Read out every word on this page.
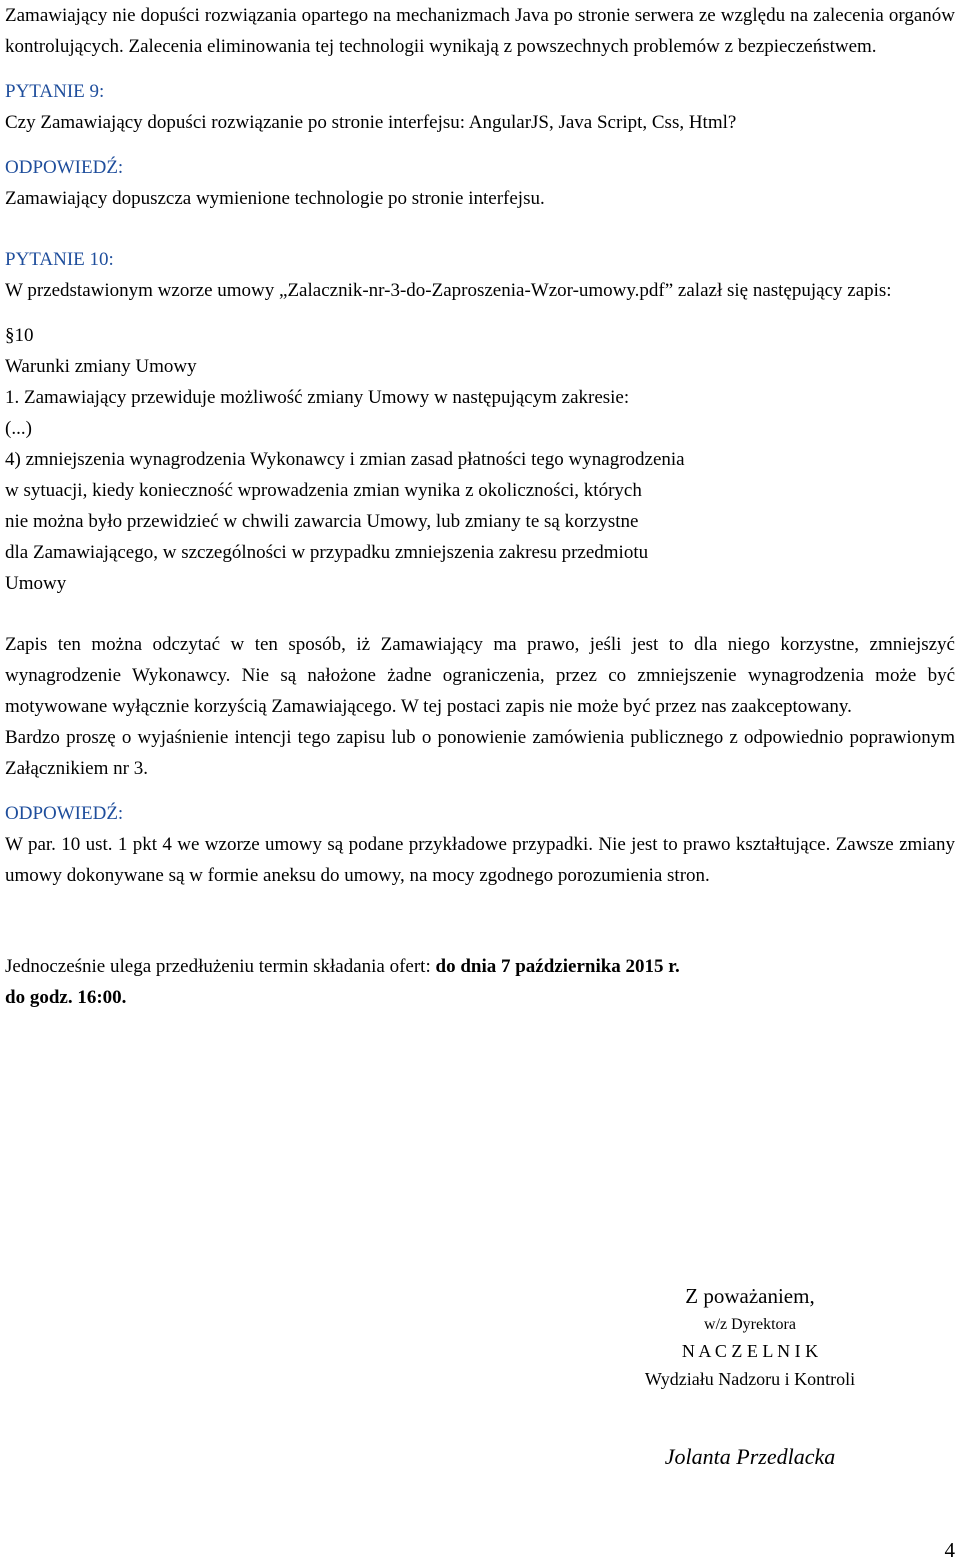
Zamawiający nie dopuści rozwiązania opartego na mechanizmach Java po stronie serwera ze względu na zalecenia organów kontrolujących. Zalecenia eliminowania tej technologii wynikają z powszechnych problemów z bezpieczeństwem.

PYTANIE 9:

Czy Zamawiający dopuści rozwiązanie po stronie interfejsu: AngularJS, Java Script, Css, Html?

ODPOWIEDŹ:

Zamawiający dopuszcza wymienione technologie po stronie interfejsu.

PYTANIE 10:

W przedstawionym wzorze umowy „Zalacznik-nr-3-do-Zaproszenia-Wzor-umowy.pdf” zalazł się następujący zapis:

§10

Warunki zmiany Umowy

1. Zamawiający przewiduje możliwość zmiany Umowy w następującym zakresie:

(...)

4) zmniejszenia wynagrodzenia Wykonawcy i zmian zasad płatności tego wynagrodzenia

w sytuacji, kiedy konieczność wprowadzenia zmian wynika z okoliczności, których

nie można było przewidzieć w chwili zawarcia Umowy, lub zmiany te są korzystne

dla Zamawiającego, w szczególności w przypadku zmniejszenia zakresu przedmiotu

Umowy

Zapis ten można odczytać w ten sposób, iż Zamawiający ma prawo, jeśli jest to dla niego korzystne, zmniejszyć wynagrodzenie Wykonawcy. Nie są nałożone żadne ograniczenia, przez co zmniejszenie wynagrodzenia może być motywowane wyłącznie korzyścią Zamawiającego. W tej postaci zapis nie może być przez nas zaakceptowany.

Bardzo proszę o wyjaśnienie intencji tego zapisu lub o ponowienie zamówienia publicznego z odpowiednio poprawionym Załącznikiem nr 3.

ODPOWIEDŹ:

W par. 10 ust. 1 pkt 4 we wzorze umowy są podane przykładowe przypadki. Nie jest to prawo kształtujące. Zawsze zmiany umowy dokonywane są w formie aneksu do umowy, na mocy zgodnego porozumienia stron.

Jednocześnie ulega przedłużeniu termin składania ofert: do dnia 7 października 2015 r.
do godz. 16:00.

Z poważaniem,
w/z Dyrektora
N A C Z E L N I K
Wydziału Nadzoru i Kontroli
Jolanta Przedlacka
4
